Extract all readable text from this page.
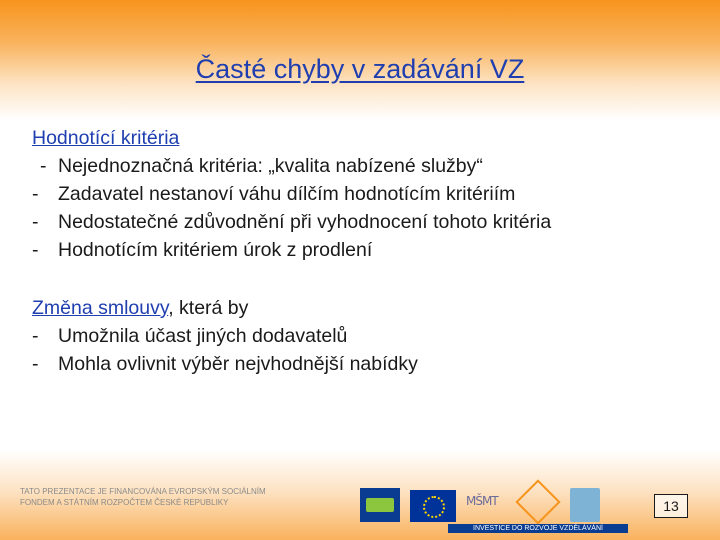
Časté chyby v zadávání VZ
Hodnotící kritéria
- Nejednoznačná kritéria: „kvalita nabízené služby“
-	Zadavatel nestanoví váhu dílčím hodnotícím kritériím
-	Nedostatečné zdůvodnění při vyhodnocení tohoto kritéria
-	Hodnotícím kritériem úrok z prodlení
Změna smlouvy, která by
-	Umožnila účast jiných dodavatelů
-	Mohla ovlivnit výběr nejvhodnější nabídky
TATO PREZENTACE JE FINANCOVÁNA EVROPSKÝM SOCIÁLNÍM
FONDEM A STÁTNÍM ROZPOČTEM ČESKÉ REPUBLIKY
MŠMT
INVESTICE DO ROZVOJE VZDĚLÁVÁNÍ
13
